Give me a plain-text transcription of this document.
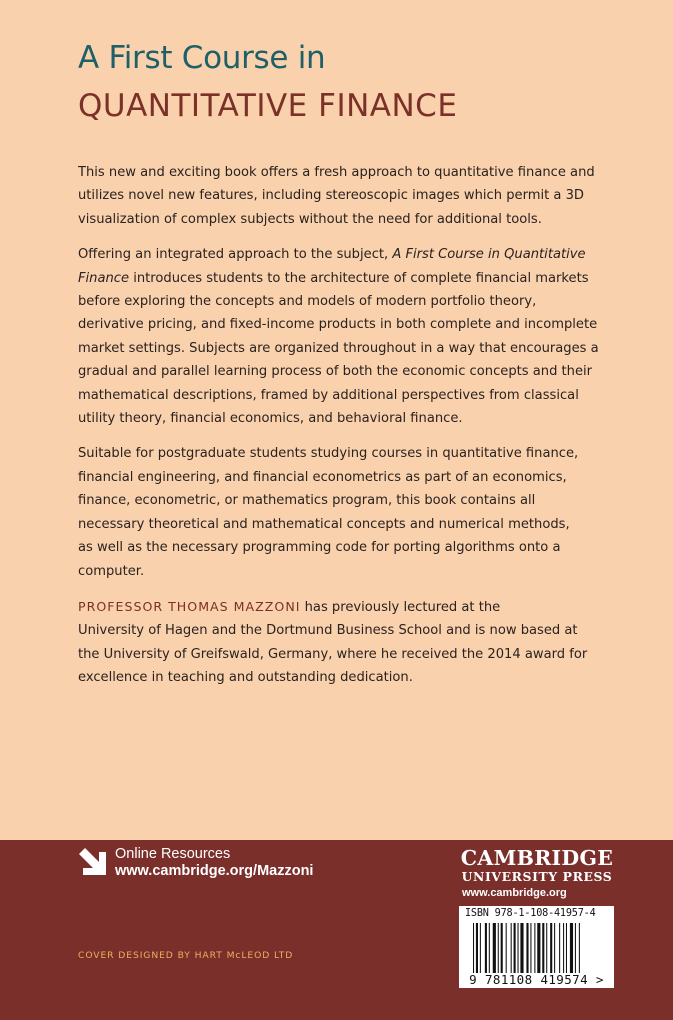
A First Course in
QUANTITATIVE FINANCE

This new and exciting book offers a fresh approach to quantitative finance and
utilizes novel new features, including stereoscopic images which permit a 3D
visualization of complex subjects without the need for additional tools.

Offering an integrated approach to the subject, A First Course in Quantitative
Finance introduces students to the architecture of complete financial markets
before exploring the concepts and models of modern portfolio theory,
derivative pricing, and fixed-income products in both complete and incomplete
market settings. Subjects are organized throughout in a way that encourages a
gradual and parallel learning process of both the economic concepts and their
mathematical descriptions, framed by additional perspectives from classical
utility theory, financial economics, and behavioral finance.

Suitable for postgraduate students studying courses in quantitative finance,
financial engineering, and financial econometrics as part of an economics,
finance, econometric, or mathematics program, this book contains all
necessary theoretical and mathematical concepts and numerical methods,
as well as the necessary programming code for porting algorithms onto a
computer.

PROFESSOR THOMAS MAZZONI has previously lectured at the
University of Hagen and the Dortmund Business School and is now based at
the University of Greifswald, Germany, where he received the 2014 award for
excellence in teaching and outstanding dedication.

Online Resources
www.cambridge.org/Mazzoni
COVER DESIGNED BY HART McLEOD LTD
CAMBRIDGE
UNIVERSITY PRESS
www.cambridge.org
ISBN 978-1-108-41957-4
9 781108 419574 >
